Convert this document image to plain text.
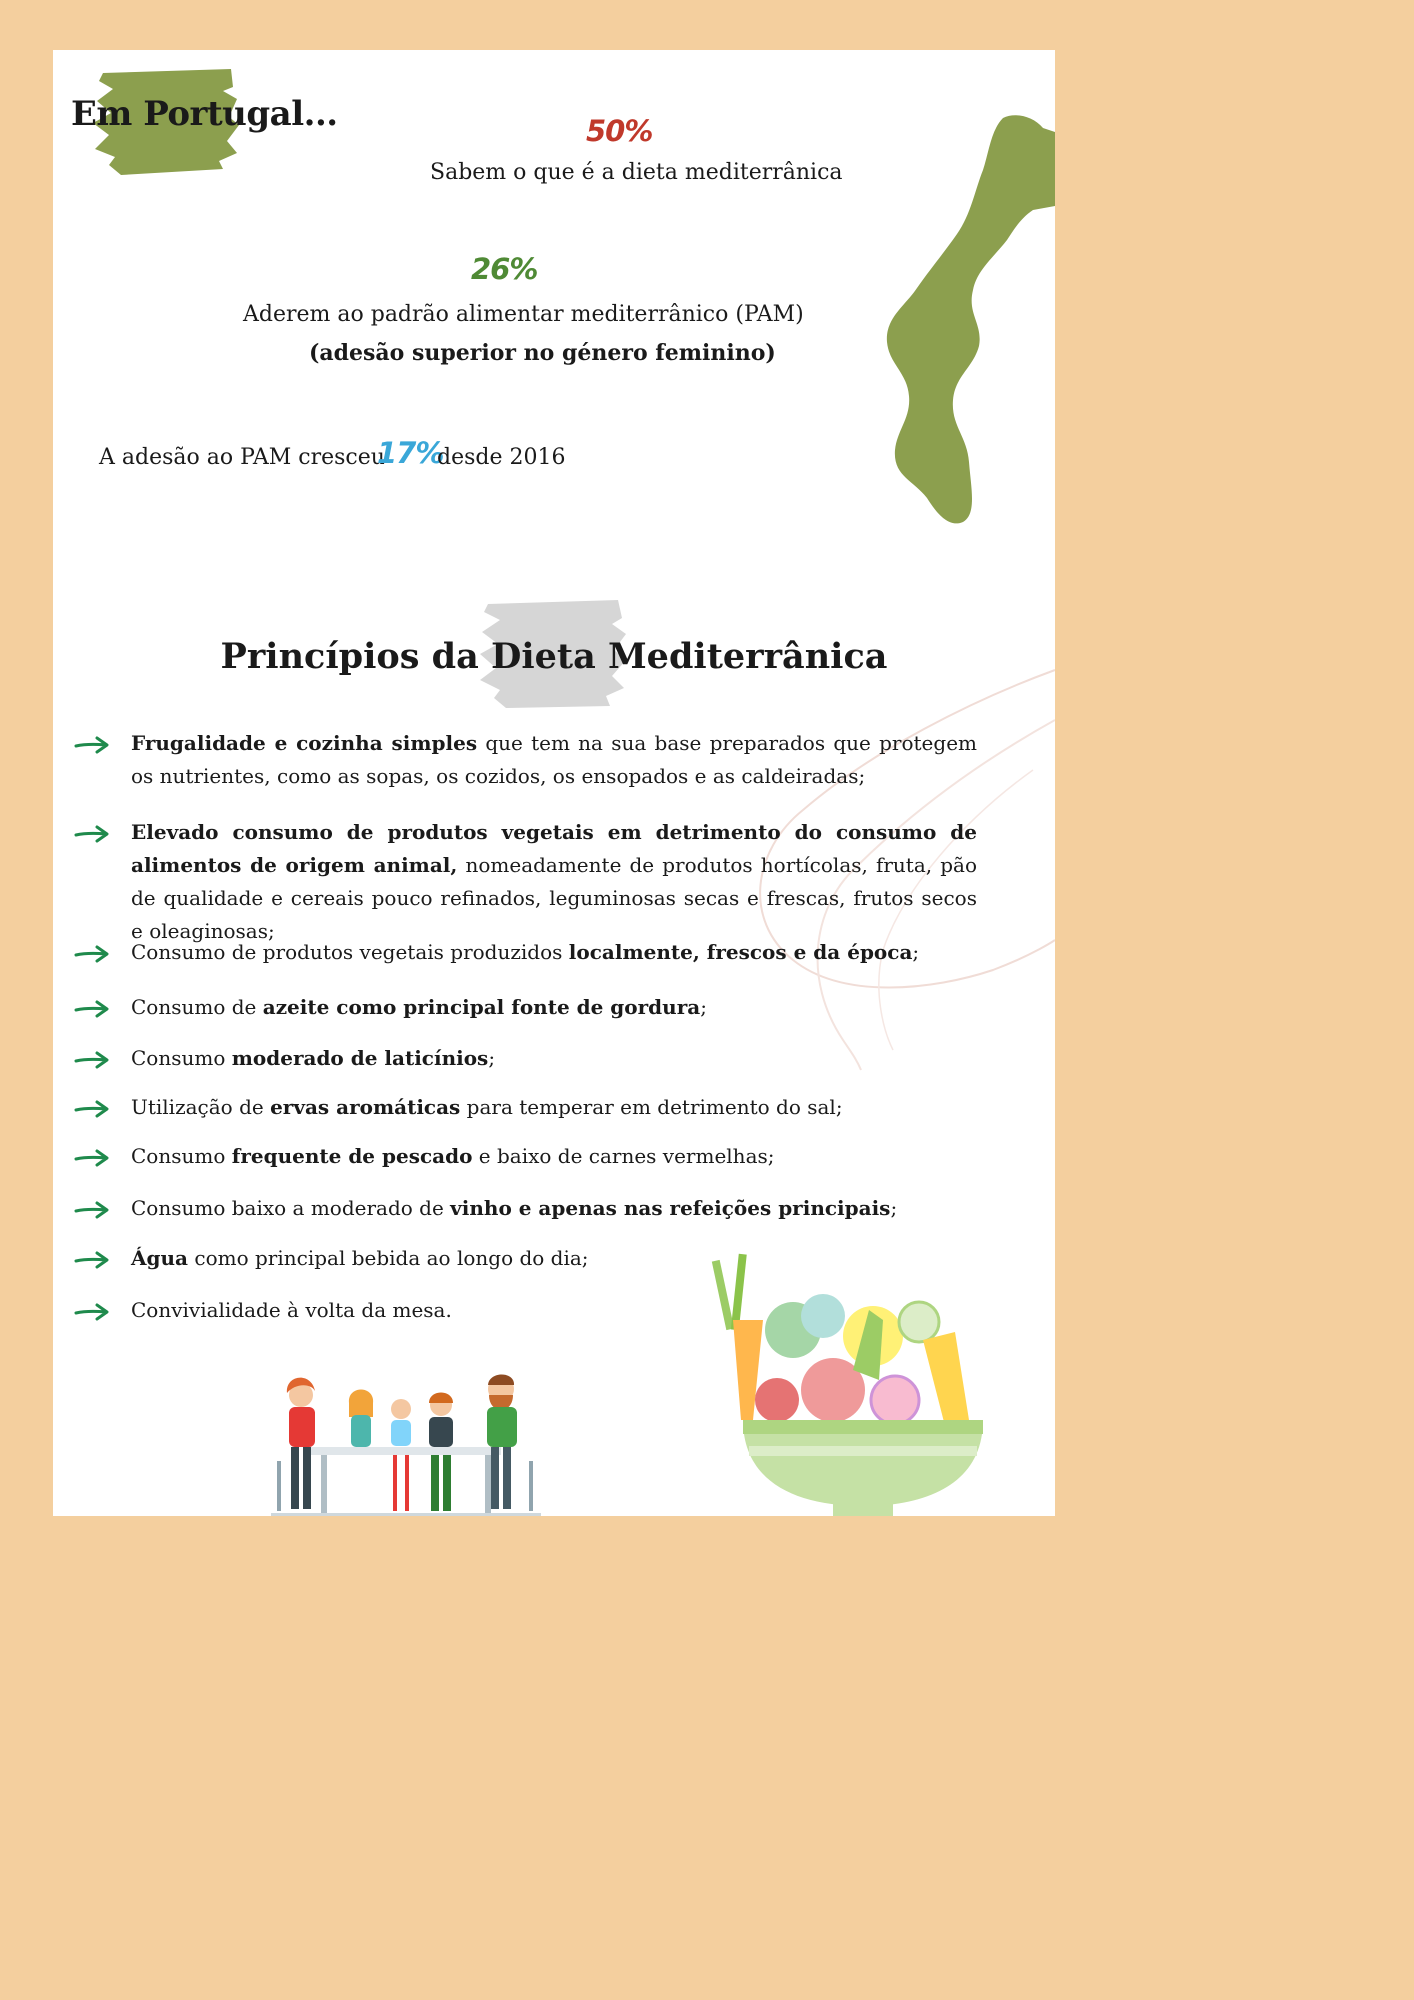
Em Portugal...	50%
Sabem o que é a dieta mediterrânica
26%
Aderem ao padrão alimentar mediterrânico (PAM)
(adesão superior no género feminino)
A adesão ao PAM cresceu
17%
desde 2016
Princípios da Dieta Mediterrânica
Frugalidade e cozinha simples que tem na sua base preparados que protegem os nutrientes, como as sopas, os cozidos, os ensopados e as caldeiradas;
Elevado consumo de produtos vegetais em detrimento do consumo de alimentos de origem animal, nomeadamente de produtos hortícolas, fruta, pão de qualidade e cereais pouco refinados, leguminosas secas e frescas, frutos secos e oleaginosas;
Consumo de produtos vegetais produzidos localmente, frescos e da época;
Consumo de azeite como principal fonte de gordura;
Consumo moderado de laticínios;
Utilização de ervas aromáticas para temperar em detrimento do sal;
Consumo frequente de pescado e baixo de carnes vermelhas;
Consumo baixo a moderado de vinho e apenas nas refeições principais;
Água como principal bebida ao longo do dia;
Convivialidade à volta da mesa.
